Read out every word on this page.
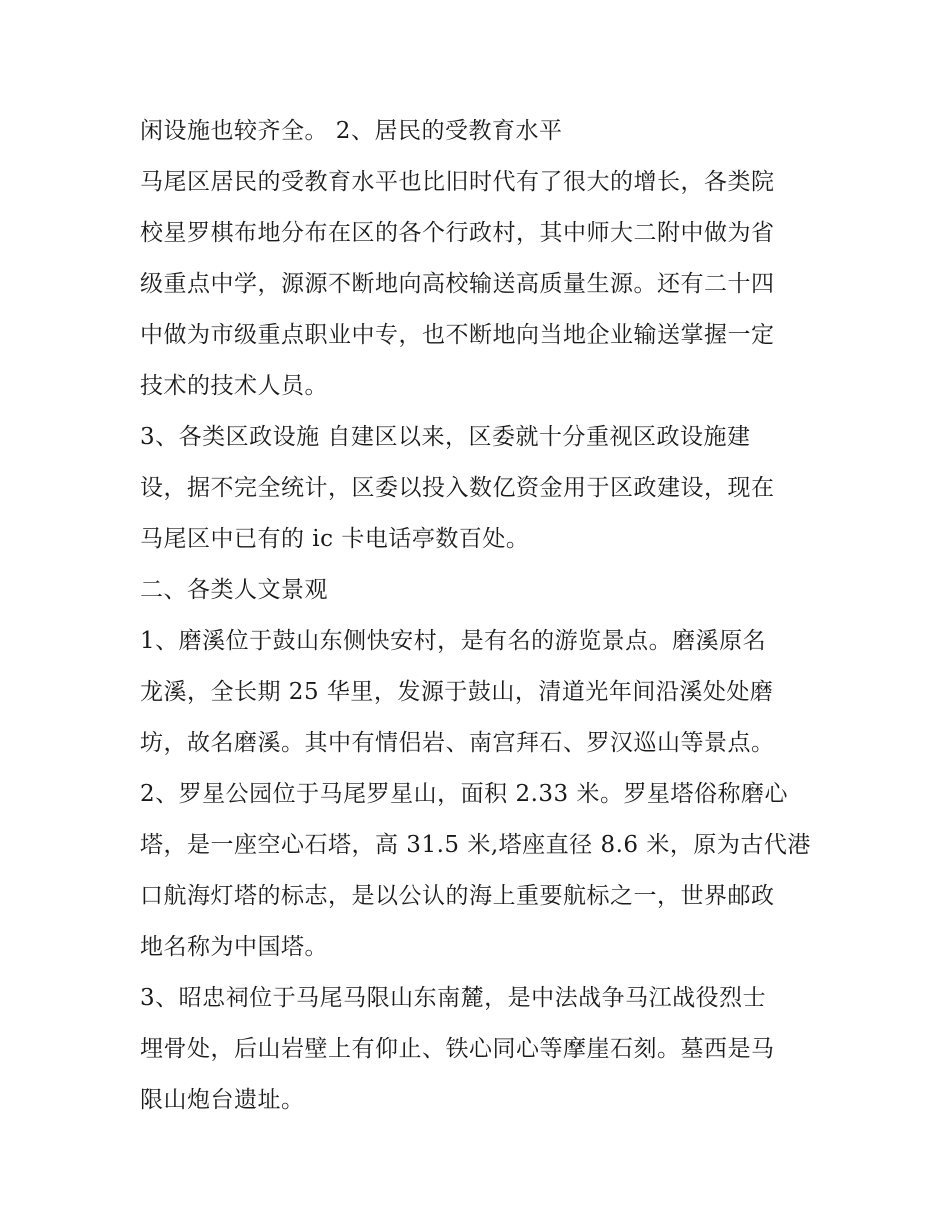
闲设施也较齐全。 2、居民的受教育水平
马尾区居民的受教育水平也比旧时代有了很大的增长，各类院
校星罗棋布地分布在区的各个行政村，其中师大二附中做为省
级重点中学，源源不断地向高校输送高质量生源。还有二十四
中做为市级重点职业中专，也不断地向当地企业输送掌握一定
技术的技术人员。
3、各类区政设施 自建区以来，区委就十分重视区政设施建
设，据不完全统计，区委以投入数亿资金用于区政建设，现在
马尾区中已有的 ic 卡电话亭数百处。
二、各类人文景观
1、磨溪位于鼓山东侧快安村，是有名的游览景点。磨溪原名
龙溪，全长期 25 华里，发源于鼓山，清道光年间沿溪处处磨
坊，故名磨溪。其中有情侣岩、南宫拜石、罗汉巡山等景点。
2、罗星公园位于马尾罗星山，面积 2.33 米。罗星塔俗称磨心
塔，是一座空心石塔，高 31.5 米,塔座直径 8.6 米，原为古代港
口航海灯塔的标志，是以公认的海上重要航标之一，世界邮政
地名称为中国塔。
3、昭忠祠位于马尾马限山东南麓，是中法战争马江战役烈士
埋骨处，后山岩壁上有仰止、铁心同心等摩崖石刻。墓西是马
限山炮台遗址。
